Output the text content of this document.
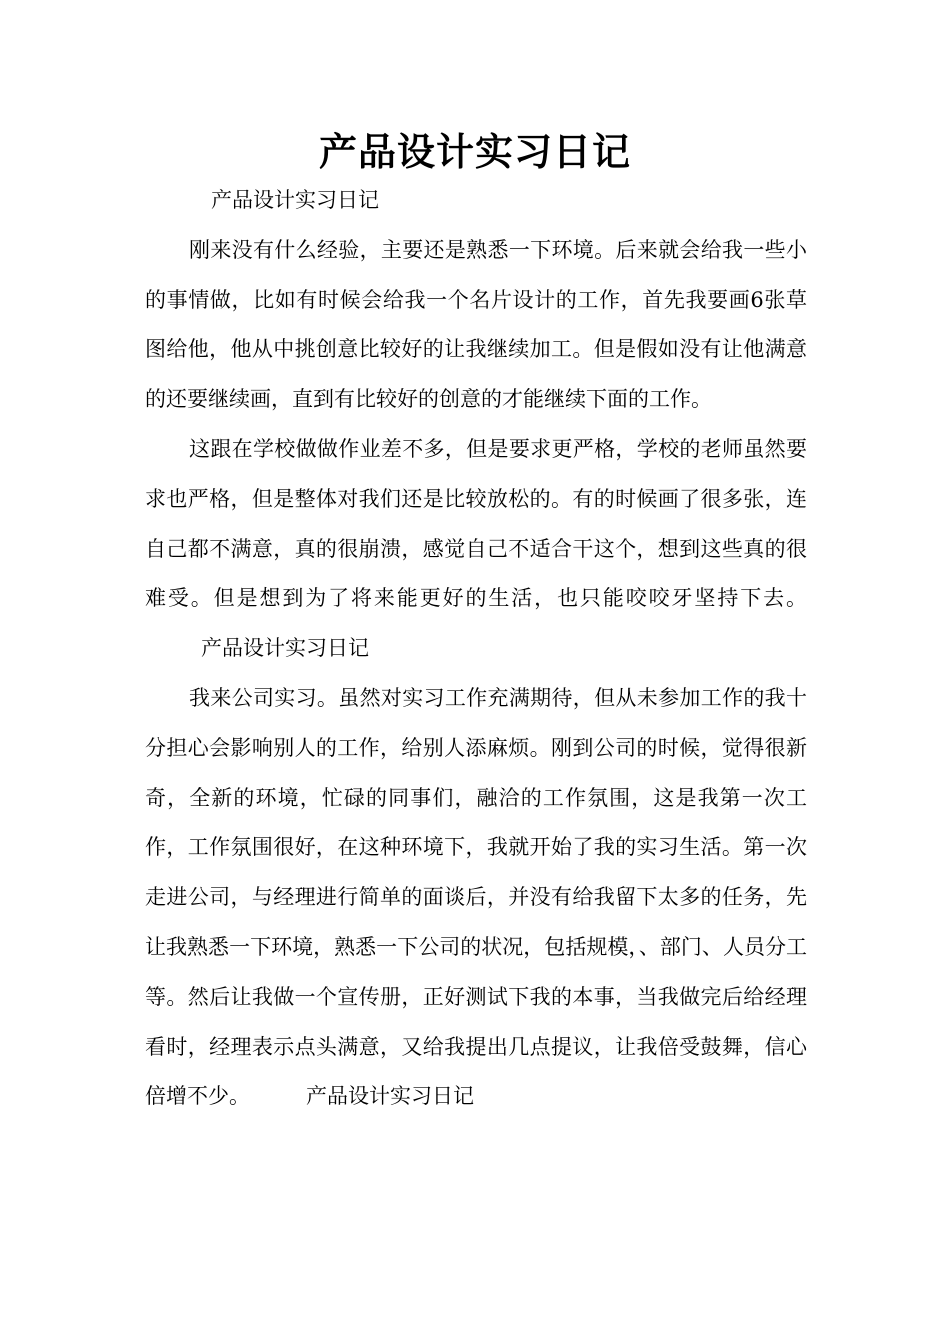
产品设计实习日记

产品设计实习日记

刚来没有什么经验，主要还是熟悉一下环境。后来就会给我一些小的事情做，比如有时候会给我一个名片设计的工作，首先我要画6张草图给他，他从中挑创意比较好的让我继续加工。但是假如没有让他满意的还要继续画，直到有比较好的创意的才能继续下面的工作。

这跟在学校做做作业差不多，但是要求更严格，学校的老师虽然要求也严格，但是整体对我们还是比较放松的。有的时候画了很多张，连自己都不满意，真的很崩溃，感觉自己不适合干这个，想到这些真的很难受。但是想到为了将来能更好的生活，也只能咬咬牙坚持下去。产品设计实习日记

我来公司实习。虽然对实习工作充满期待，但从未参加工作的我十分担心会影响别人的工作，给别人添麻烦。刚到公司的时候，觉得很新奇，全新的环境，忙碌的同事们，融洽的工作氛围，这是我第一次工作，工作氛围很好，在这种环境下，我就开始了我的实习生活。第一次走进公司，与经理进行简单的面谈后，并没有给我留下太多的任务，先让我熟悉一下环境，熟悉一下公司的状况，包括规模，、部门、人员分工等。然后让我做一个宣传册，正好测试下我的本事，当我做完后给经理看时，经理表示点头满意，又给我提出几点提议，让我倍受鼓舞，信心倍增不少。	产品设计实习日记
